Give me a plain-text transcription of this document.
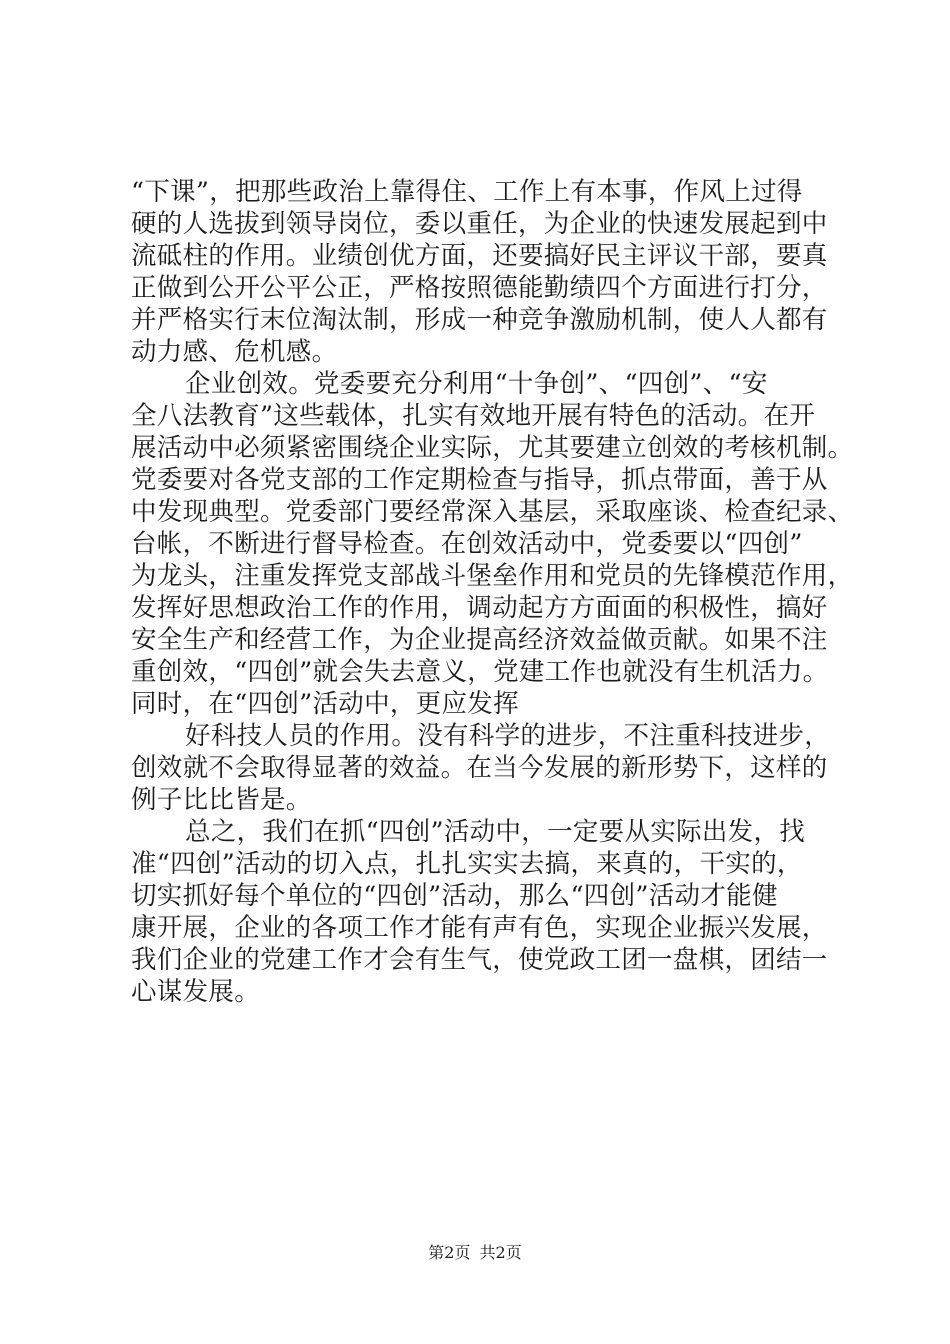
“下课”，把那些政治上靠得住、工作上有本事，作风上过得
硬的人选拔到领导岗位，委以重任，为企业的快速发展起到中
流砥柱的作用。业绩创优方面，还要搞好民主评议干部，要真
正做到公开公平公正，严格按照德能勤绩四个方面进行打分，
并严格实行末位淘汰制，形成一种竞争激励机制，使人人都有
动力感、危机感。
企业创效。党委要充分利用“十争创”、“四创”、“安
全八法教育”这些载体，扎实有效地开展有特色的活动。在开
展活动中必须紧密围绕企业实际，尤其要建立创效的考核机制。
党委要对各党支部的工作定期检查与指导，抓点带面，善于从
中发现典型。党委部门要经常深入基层，采取座谈、检查纪录、
台帐，不断进行督导检查。在创效活动中，党委要以“四创”
为龙头，注重发挥党支部战斗堡垒作用和党员的先锋模范作用，
发挥好思想政治工作的作用，调动起方方面面的积极性，搞好
安全生产和经营工作，为企业提高经济效益做贡献。如果不注
重创效，“四创”就会失去意义，党建工作也就没有生机活力。
同时，在“四创”活动中，更应发挥
好科技人员的作用。没有科学的进步，不注重科技进步，
创效就不会取得显著的效益。在当今发展的新形势下，这样的
例子比比皆是。
总之，我们在抓“四创”活动中，一定要从实际出发，找
准“四创”活动的切入点，扎扎实实去搞，来真的，干实的，
切实抓好每个单位的“四创”活动，那么“四创”活动才能健
康开展，企业的各项工作才能有声有色，实现企业振兴发展，
我们企业的党建工作才会有生气，使党政工团一盘棋，团结一
心谋发展。
第2页 共2页
